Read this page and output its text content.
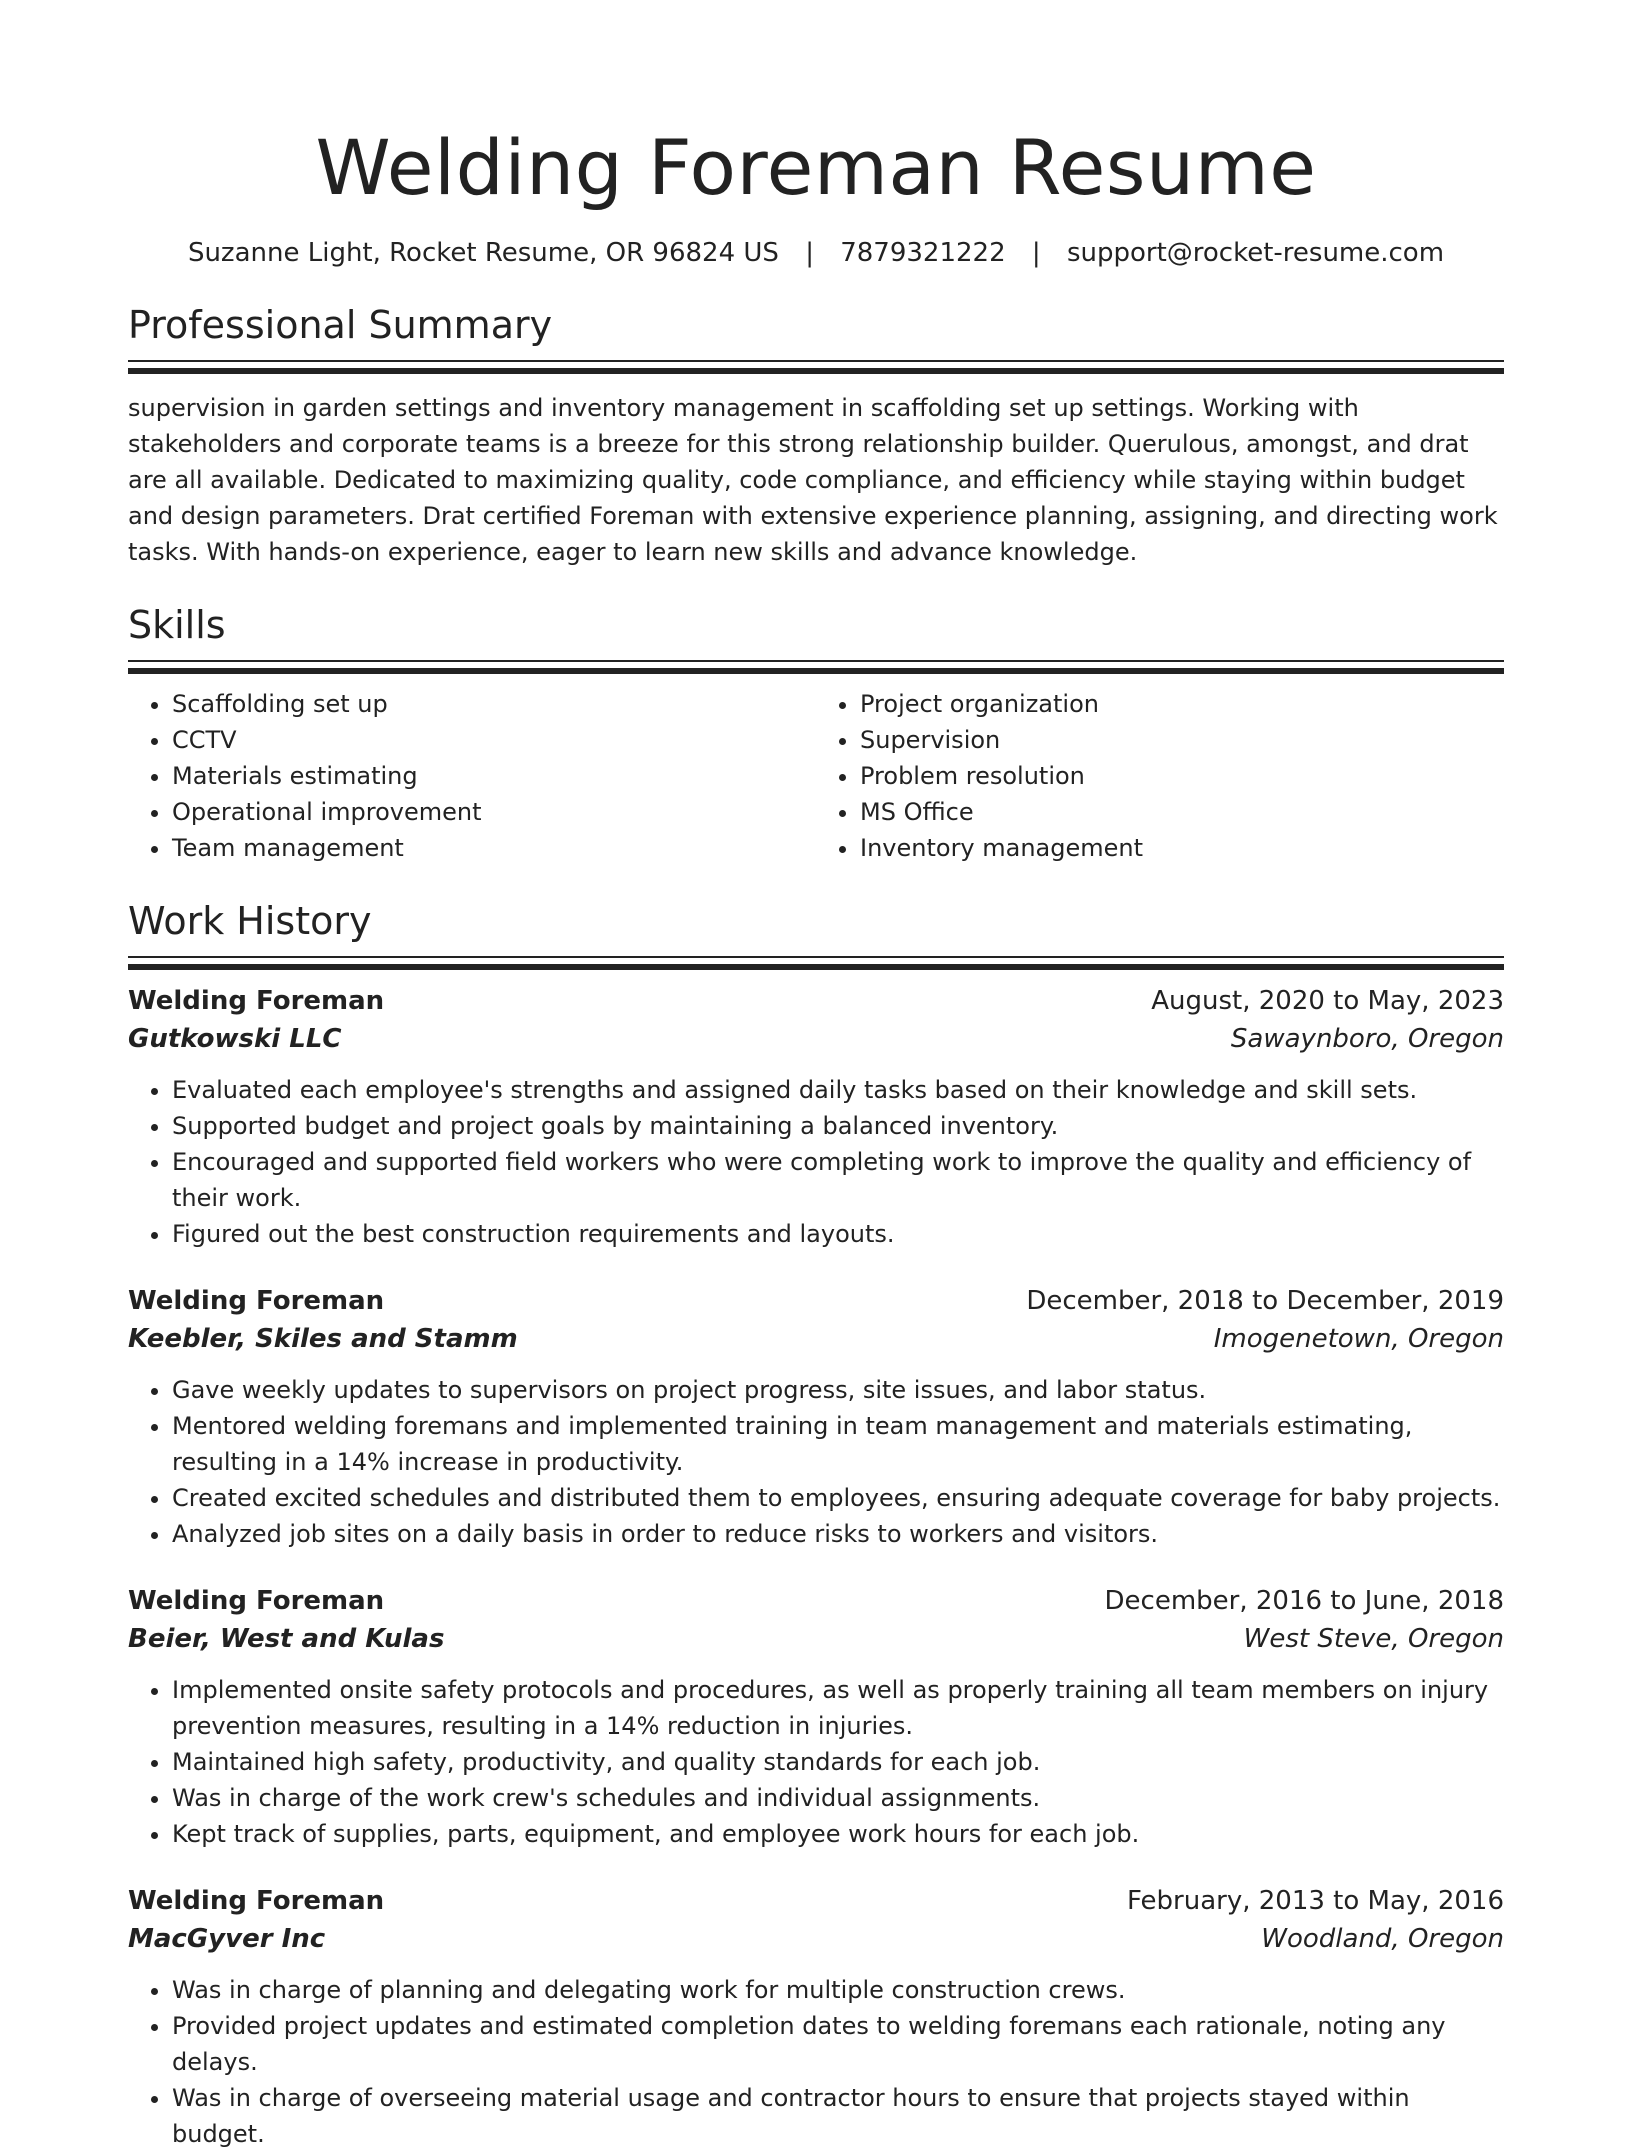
Welding Foreman Resume
Suzanne Light, Rocket Resume, OR 96824 US | 7879321222 | support@rocket-resume.com
Professional Summary
supervision in garden settings and inventory management in scaffolding set up settings. Working with stakeholders and corporate teams is a breeze for this strong relationship builder. Querulous, amongst, and drat are all available. Dedicated to maximizing quality, code compliance, and efficiency while staying within budget and design parameters. Drat certified Foreman with extensive experience planning, assigning, and directing work tasks. With hands-on experience, eager to learn new skills and advance knowledge.
Skills
• Scaffolding set up
• CCTV
• Materials estimating
• Operational improvement
• Team management
• Project organization
• Supervision
• Problem resolution
• MS Office
• Inventory management
Work History
Welding Foreman	August, 2020 to May, 2023
Gutkowski LLC	Sawaynboro, Oregon
• Evaluated each employee's strengths and assigned daily tasks based on their knowledge and skill sets.
• Supported budget and project goals by maintaining a balanced inventory.
• Encouraged and supported field workers who were completing work to improve the quality and efficiency of their work.
• Figured out the best construction requirements and layouts.
Welding Foreman	December, 2018 to December, 2019
Keebler, Skiles and Stamm	Imogenetown, Oregon
• Gave weekly updates to supervisors on project progress, site issues, and labor status.
• Mentored welding foremans and implemented training in team management and materials estimating, resulting in a 14% increase in productivity.
• Created excited schedules and distributed them to employees, ensuring adequate coverage for baby projects.
• Analyzed job sites on a daily basis in order to reduce risks to workers and visitors.
Welding Foreman	December, 2016 to June, 2018
Beier, West and Kulas	West Steve, Oregon
• Implemented onsite safety protocols and procedures, as well as properly training all team members on injury prevention measures, resulting in a 14% reduction in injuries.
• Maintained high safety, productivity, and quality standards for each job.
• Was in charge of the work crew's schedules and individual assignments.
• Kept track of supplies, parts, equipment, and employee work hours for each job.
Welding Foreman	February, 2013 to May, 2016
MacGyver Inc	Woodland, Oregon
• Was in charge of planning and delegating work for multiple construction crews.
• Provided project updates and estimated completion dates to welding foremans each rationale, noting any delays.
• Was in charge of overseeing material usage and contractor hours to ensure that projects stayed within budget.
